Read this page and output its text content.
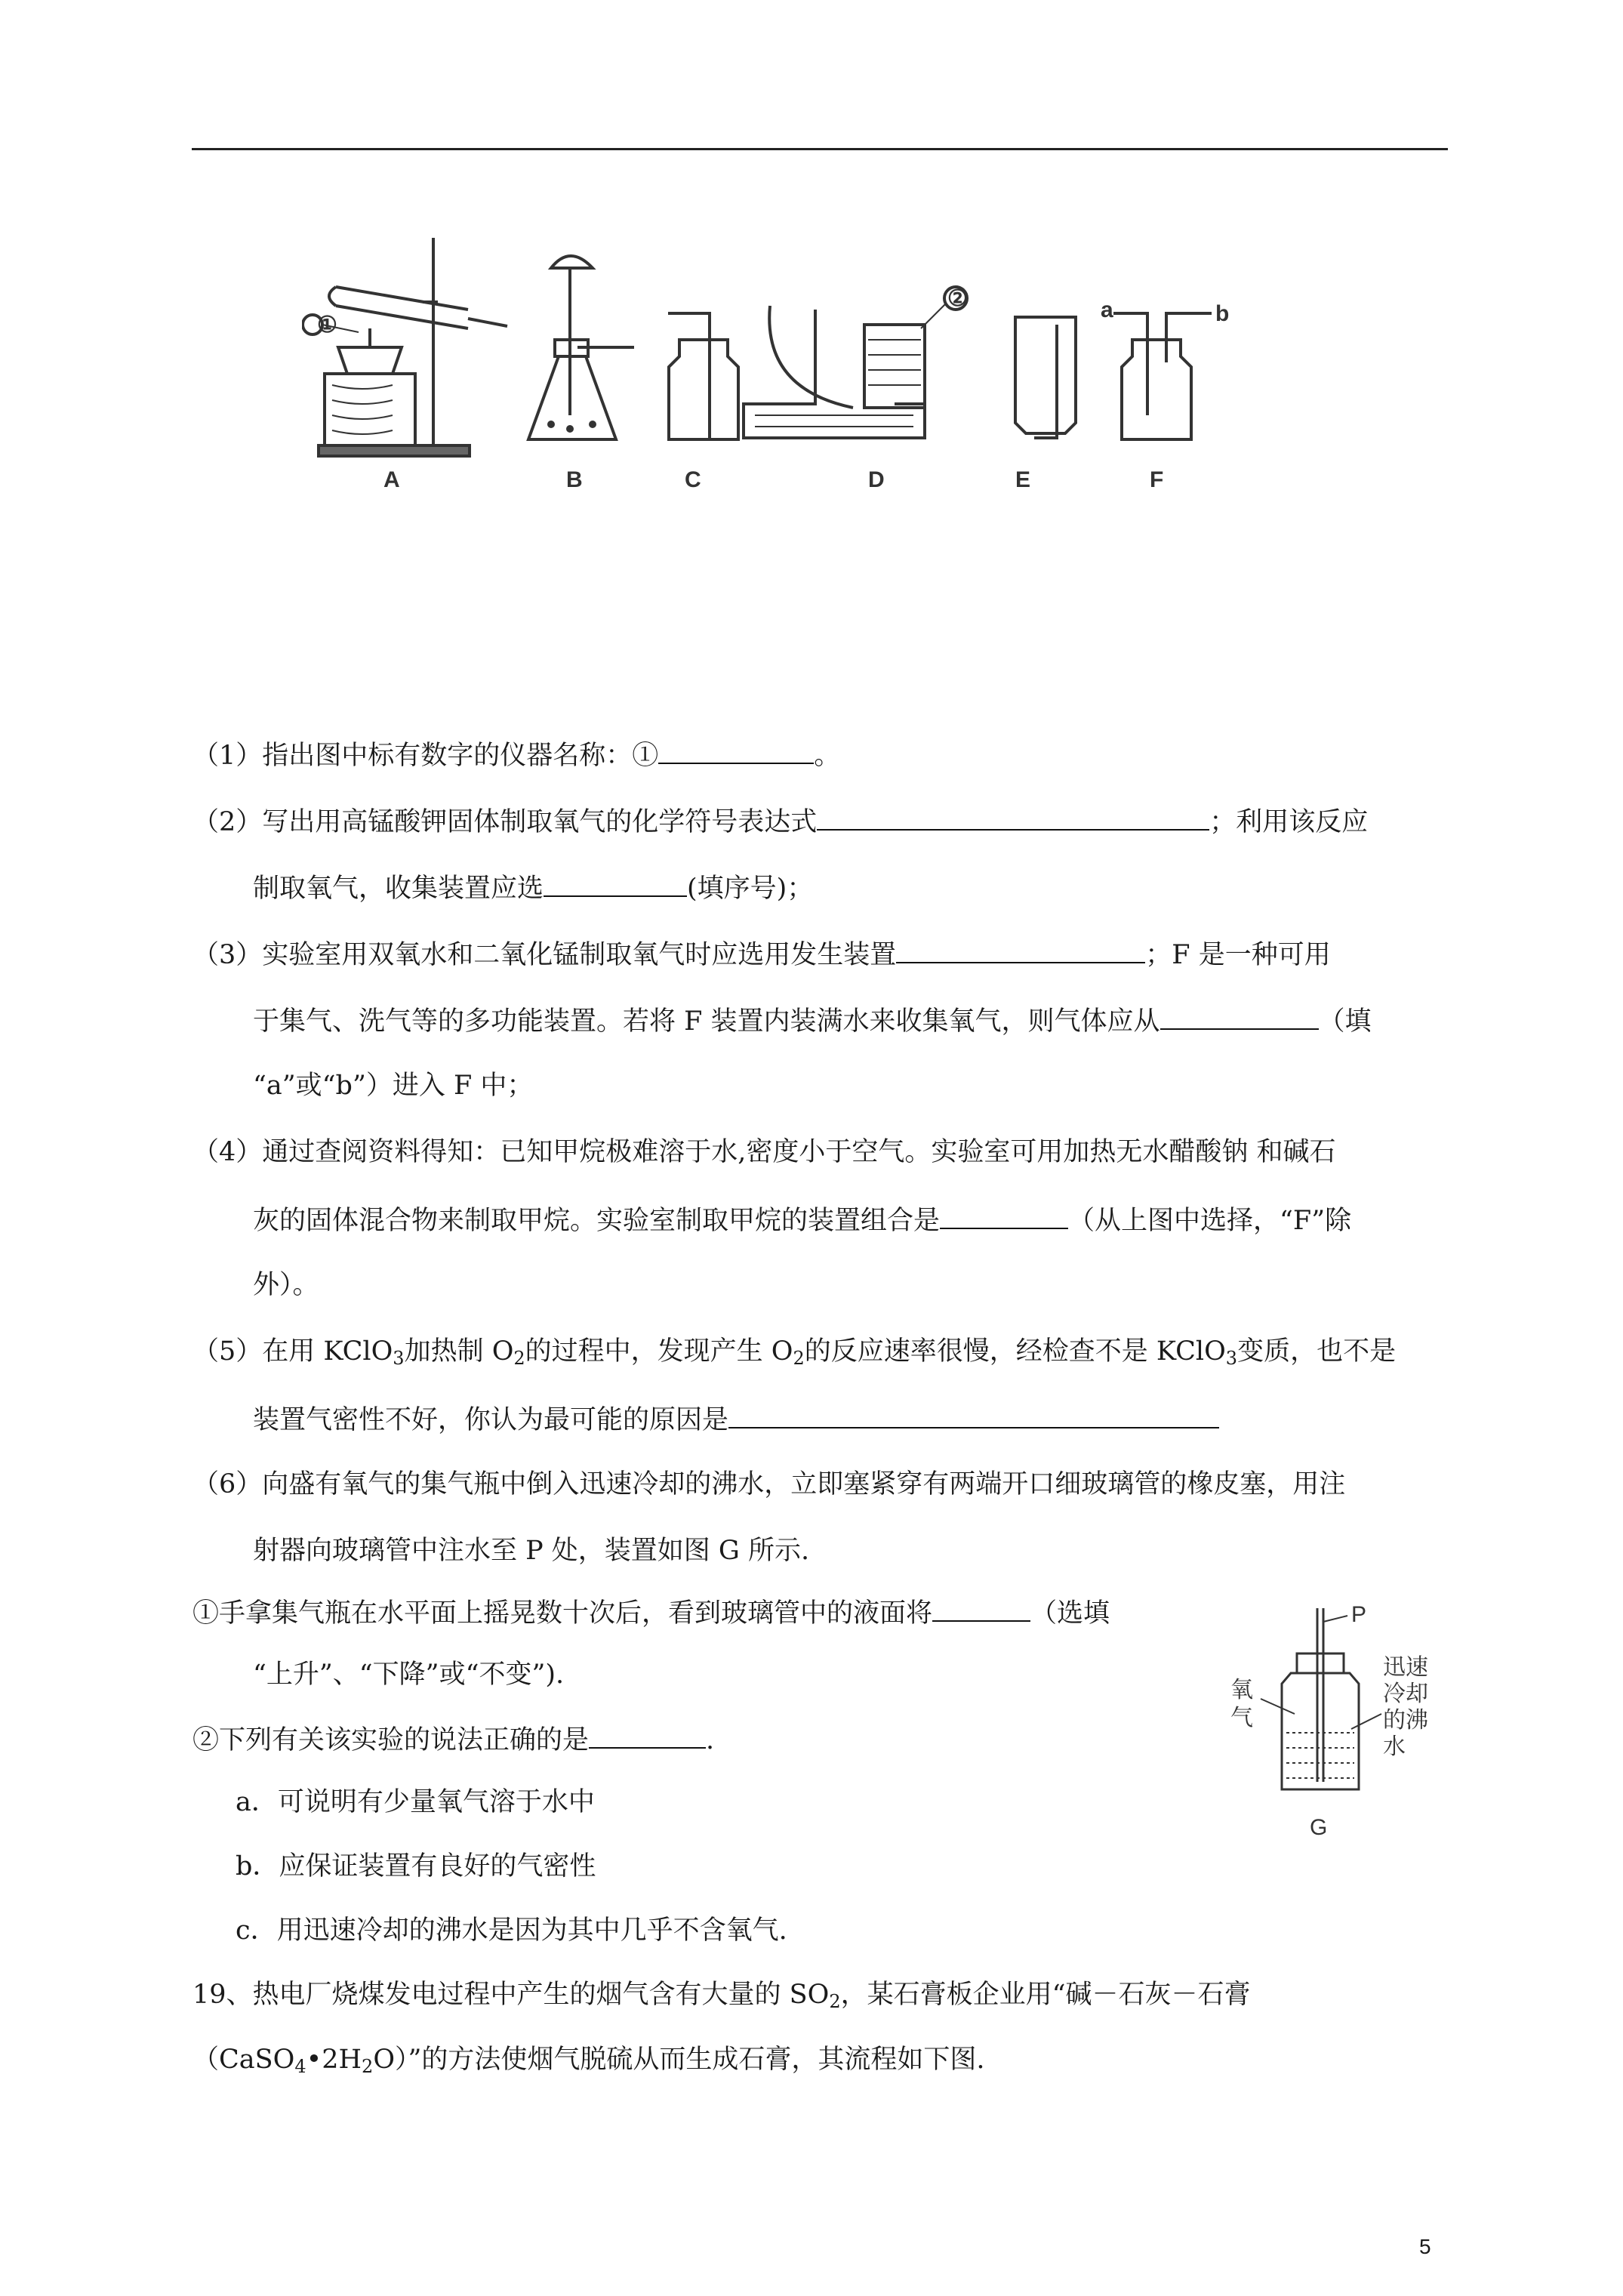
①
②	a	b
A	B	C	D	E	F
P
氧
气
迅 速
冷 却
的 沸
水
G
（1）指出图中标有数字的仪器名称：①	。
（2）写出用高锰酸钾固体制取氧气的化学符号表达式	；利用该反应
制取氧气，收集装置应选	(填序号)；
（3）实验室用双氧水和二氧化锰制取氧气时应选用发生装置	；F 是一种可用
于集气、洗气等的多功能装置。若将 F 装置内装满水来收集氧气，则气体应从	（填
“a”或“b”）进入 F 中；
（4）通过查阅资料得知：已知甲烷极难溶于水,密度小于空气。实验室可用加热无水醋酸钠 和碱石
灰的固体混合物来制取甲烷。实验室制取甲烷的装置组合是	（从上图中选择，“F”除
外）。
（5）在用 KClO$_3$加热制 $O_2$的过程中，发现产生 $O_2$的反应速率很慢，经检查不是 KClO$_3$变质，也不是
装置气密性不好，你认为最可能的原因是
（6）向盛有氧气的集气瓶中倒入迅速冷却的沸水，立即塞紧穿有两端开口细玻璃管的橡皮塞，用注
射器向玻璃管中注水至 P 处，装置如图 G 所示.
①手拿集气瓶在水平面上摇晃数十次后，看到玻璃管中的液面将	（选填
“上升”、“下降”或“不变”).
②下列有关该实验的说法正确的是	.
a．可说明有少量氧气溶于水中
b．应保证装置有良好的气密性
c．用迅速冷却的沸水是因为其中几乎不含氧气.
19、热电厂烧煤发电过程中产生的烟气含有大量的 $SO_2$，某石膏板企业用“碱－石灰－石膏
$(CaSO_4•2H_2O)$”的方法使烟气脱硫从而生成石膏，其流程如下图.
5
